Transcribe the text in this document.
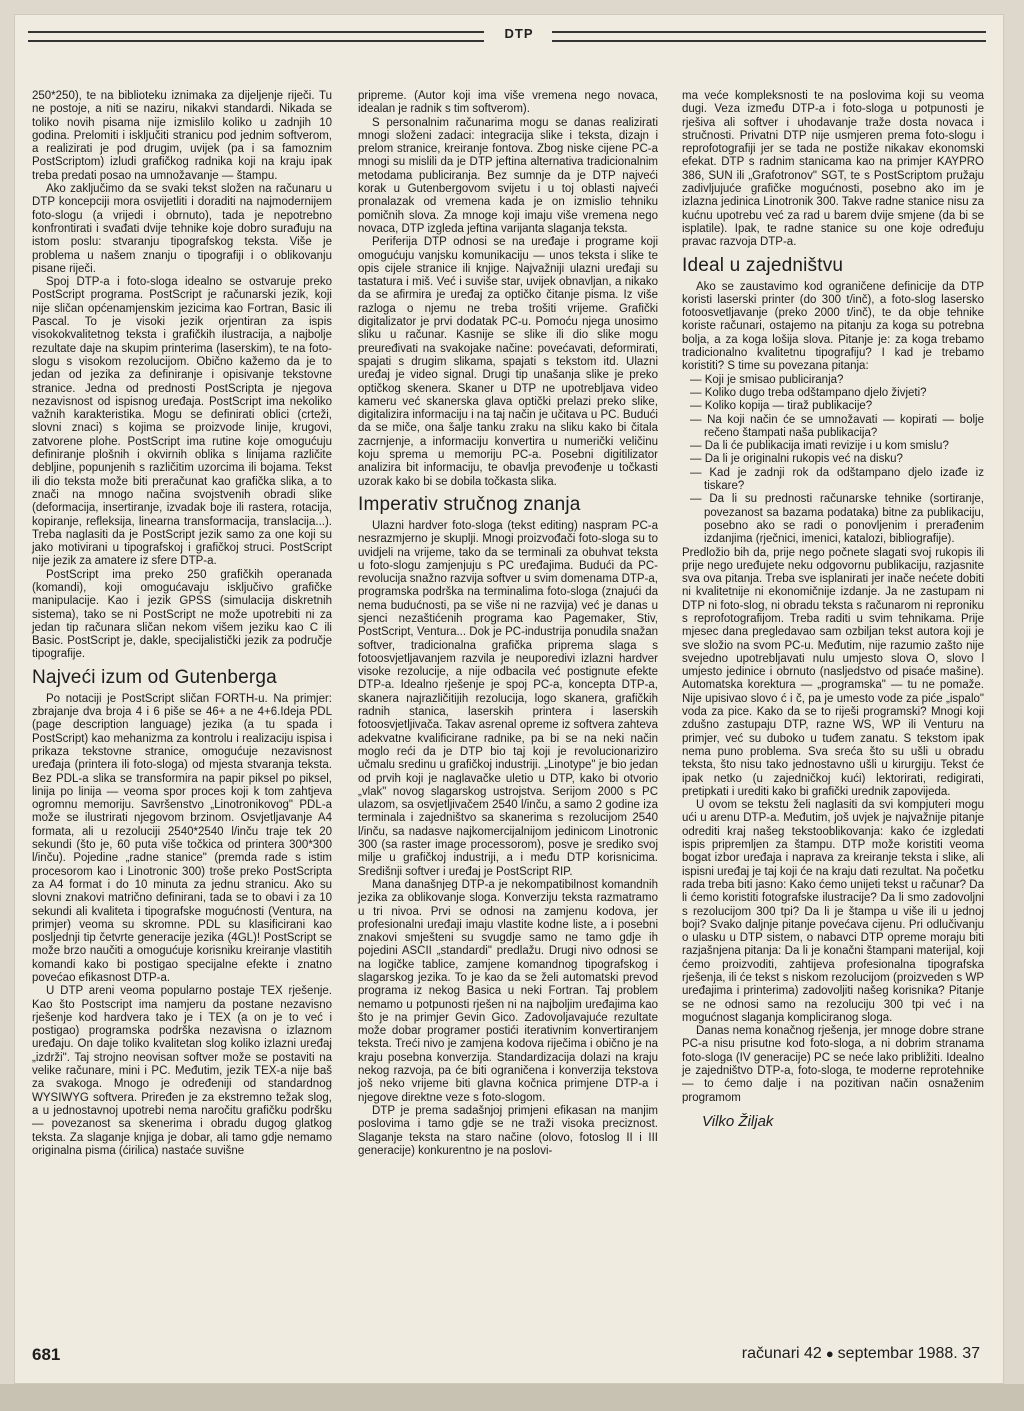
DTP

250*250), te na biblioteku iznimaka za dijeljenje riječi. Tu ne postoje, a niti se naziru, nikakvi standardi. Nikada se toliko novih pisama nije izmislilo koliko u zadnjih 10 godina. Prelomiti i isključiti stranicu pod jednim softverom, a realizirati je pod drugim, uvijek (pa i sa famoznim PostScriptom) izludi grafičkog radnika koji na kraju ipak treba predati posao na umnožavanje — štampu.

Ako zaključimo da se svaki tekst složen na računaru u DTP koncepciji mora osvijetliti i doraditi na najmodernijem foto-slogu (a vrijedi i obrnuto), tada je nepotrebno konfrontirati i svađati dvije tehnike koje dobro surađuju na istom poslu: stvaranju tipografskog teksta. Više je problema u našem znanju o tipografiji i o oblikovanju pisane riječi.

Spoj DTP-a i foto-sloga idealno se ostvaruje preko PostScript programa. PostScript je računarski jezik, koji nije sličan općenamjenskim jezicima kao Fortran, Basic ili Pascal. To je visoki jezik orjentiran za ispis visokokvalitetnog teksta i grafičkih ilustracija, a najbolje rezultate daje na skupim printerima (laserskim), te na foto-slogu s visokom rezolucijom. Obično kažemo da je to jedan od jezika za definiranje i opisivanje tekstovne stranice. Jedna od prednosti PostScripta je njegova nezavisnost od ispisnog uređaja. PostScript ima nekoliko važnih karakteristika. Mogu se definirati oblici (crteži, slovni znaci) s kojima se proizvode linije, krugovi, zatvorene plohe. PostScript ima rutine koje omogućuju definiranje plošnih i okvirnih oblika s linijama različite debljine, popunjenih s različitim uzorcima ili bojama. Tekst ili dio teksta može biti preračunat kao grafička slika, a to znači na mnogo načina svojstvenih obradi slike (deformacija, insertiranje, izvadak boje ili rastera, rotacija, kopiranje, refleksija, linearna transformacija, translacija...). Treba naglasiti da je PostScript jezik samo za one koji su jako motivirani u tipografskoj i grafičkoj struci. PostScript nije jezik za amatere iz sfere DTP-a.

PostScript ima preko 250 grafičkih operanada (komandi), koji omogućavaju isključivo grafičke manipulacije. Kao i jezik GPSS (simulacija diskretnih sistema), tako se ni PostScript ne može upotrebiti ni za jedan tip računara sličan nekom višem jeziku kao C ili Basic. PostScript je, dakle, specijalistički jezik za područje tipografije.

Najveći izum od Gutenberga

Po notaciji je PostScript sličan FORTH-u. Na primjer: zbrajanje dva broja 4 i 6 piše se 46+ a ne 4+6.Ideja PDL (page description language) jezika (a tu spada i PostScript) kao mehanizma za kontrolu i realizaciju ispisa i prikaza tekstovne stranice, omogućuje nezavisnost uređaja (printera ili foto-sloga) od mjesta stvaranja teksta. Bez PDL-a slika se transformira na papir piksel po piksel, linija po linija — veoma spor proces koji k tom zahtjeva ogromnu memoriju. Savršenstvo „Linotronikovog" PDL-a može se ilustrirati njegovom brzinom. Osvjetljavanje A4 formata, ali u rezoluciji 2540*2540 l/inču traje tek 20 sekundi (što je, 60 puta više točkica od printera 300*300 l/inču). Pojedine „radne stanice" (premda rade s istim procesorom kao i Linotronic 300) troše preko PostScripta za A4 format i do 10 minuta za jednu stranicu. Ako su slovni znakovi matrično definirani, tada se to obavi i za 10 sekundi ali kvaliteta i tipografske mogućnosti (Ventura, na primjer) veoma su skromne. PDL su klasificirani kao posljednji tip četvrte generacije jezika (4GL)! PostScript se može brzo naučiti a omogućuje korisniku kreiranje vlastitih komandi kako bi postigao specijalne efekte i znatno povećao efikasnost DTP-a.

U DTP areni veoma popularno postaje TEX rješenje. Kao što Postscript ima namjeru da postane nezavisno rješenje kod hardvera tako je i TEX (a on je to već i postigao) programska podrška nezavisna o izlaznom uređaju. On daje toliko kvalitetan slog koliko izlazni uređaj „izdrži". Taj strojno neovisan softver može se postaviti na velike računare, mini i PC. Međutim, jezik TEX-a nije baš za svakoga. Mnogo je određeniji od standardnog WYSIWYG softvera. Priređen je za ekstremno težak slog, a u jednostavnoj upotrebi nema naročitu grafičku podršku — povezanost sa skenerima i obradu dugog glatkog teksta. Za slaganje knjiga je dobar, ali tamo gdje nemamo originalna pisma (ćirilica) nastaće suvišne

pripreme. (Autor koji ima više vremena nego novaca, idealan je radnik s tim softverom).

S personalnim računarima mogu se danas realizirati mnogi složeni zadaci: integracija slike i teksta, dizajn i prelom stranice, kreiranje fontova. Zbog niske cijene PC-a mnogi su mislili da je DTP jeftina alternativa tradicionalnim metodama publiciranja. Bez sumnje da je DTP najveći korak u Gutenbergovom svijetu i u toj oblasti najveći pronalazak od vremena kada je on izmislio tehniku pomičnih slova. Za mnoge koji imaju više vremena nego novaca, DTP izgleda jeftina varijanta slaganja teksta.

Periferija DTP odnosi se na uređaje i programe koji omogućuju vanjsku komunikaciju — unos teksta i slike te opis cijele stranice ili knjige. Najvažniji ulazni uređaji su tastatura i miš. Već i suviše star, uvijek obnavljan, a nikako da se afirmira je uređaj za optičko čitanje pisma. Iz više razloga o njemu ne treba trošiti vrijeme. Grafički digitalizator je prvi dodatak PC-u. Pomoću njega unosimo sliku u računar. Kasnije se slike ili dio slike mogu preuređivati na svakojake načine: povećavati, deformirati, spajati s drugim slikama, spajati s tekstom itd. Ulazni uređaj je video signal. Drugi tip unašanja slike je preko optičkog skenera. Skaner u DTP ne upotrebljava video kameru već skanerska glava optički prelazi preko slike, digitalizira informaciju i na taj način je učitava u PC. Budući da se miče, ona šalje tanku zraku na sliku kako bi čitala zacrnjenje, a informaciju konvertira u numerički veličinu koju sprema u memoriju PC-a. Posebni digitilizator analizira bit informaciju, te obavlja prevođenje u točkasti uzorak kako bi se dobila točkasta slika.

Imperativ stručnog znanja

Ulazni hardver foto-sloga (tekst editing) naspram PC-a nesrazmjerno je skuplji. Mnogi proizvođači foto-sloga su to uvidjeli na vrijeme, tako da se terminali za obuhvat teksta u foto-slogu zamjenjuju s PC uređajima. Budući da PC-revolucija snažno razvija softver u svim domenama DTP-a, programska podrška na terminalima foto-sloga (znajući da nema budućnosti, pa se više ni ne razvija) već je danas u sjenci nezaštićenih programa kao Pagemaker, Stiv, PostScript, Ventura... Dok je PC-industrija ponudila snažan softver, tradicionalna grafička priprema slaga s fotoosvjetljavanjem razvila je neuporedivi izlazni hardver visoke rezolucije, a nije odbacila već postignute efekte DTP-a. Idealno rješenje je spoj PC-a, koncepta DTP-a, skanera najrazličitijih rezolucija, logo skanera, grafičkih radnih stanica, laserskih printera i laserskih fotoosvjetljivača. Takav asrenal opreme iz softvera zahteva adekvatne kvalificirane radnike, pa bi se na neki način moglo reći da je DTP bio taj koji je revolucionariziro učmalu sredinu u grafičkoj industriji. „Linotype" je bio jedan od prvih koji je naglavačke uletio u DTP, kako bi otvorio „vlak" novog slagarskog ustrojstva. Serijom 2000 s PC ulazom, sa osvjetljivačem 2540 l/inču, a samo 2 godine iza terminala i zajedništvo sa skanerima s rezolucijom 2540 l/inču, sa nadasve najkomercijalnijom jedinicom Linotronic 300 (sa raster image processorom), posve je srediko svoj milje u grafičkoj industriji, a i među DTP korisnicima. Središnji softver i uređaj je PostScript RIP.

Mana današnjeg DTP-a je nekompatibilnost komandnih jezika za oblikovanje sloga. Konverziju teksta razmatramo u tri nivoa. Prvi se odnosi na zamjenu kodova, jer profesionalni uređaji imaju vlastite kodne liste, a i posebni znakovi smješteni su svugdje samo ne tamo gdje ih pojedini ASCII „standardi" predlažu. Drugi nivo odnosi se na logičke tablice, zamjene komandnog tipografskog i slagarskog jezika. To je kao da se želi automatski prevod programa iz nekog Basica u neki Fortran. Taj problem nemamo u potpunosti rješen ni na najboljim uređajima kao što je na primjer Gevin Gico. Zadovoljavajuće rezultate može dobar programer postići iterativnim konvertiranjem teksta. Treći nivo je zamjena kodova riječima i obično je na kraju posebna konverzija. Standardizacija dolazi na kraju nekog razvoja, pa će biti ograničena i konverzija tekstova još neko vrijeme biti glavna kočnica primjene DTP-a i njegove direktne veze s foto-slogom.

DTP je prema sadašnjoj primjeni efikasan na manjim poslovima i tamo gdje se ne traži visoka preciznost. Slaganje teksta na staro načine (olovo, fotoslog II i III generacije) konkurentno je na poslovi-

ma veće kompleksnosti te na poslovima koji su veoma dugi. Veza između DTP-a i foto-sloga u potpunosti je rješiva ali softver i uhodavanje traže dosta novaca i stručnosti. Privatni DTP nije usmjeren prema foto-slogu i reprofotografiji jer se tada ne postiže nikakav ekonomski efekat. DTP s radnim stanicama kao na primjer KAYPRO 386, SUN ili „Grafotronov" SGT, te s PostScriptom pružaju zadivljujuće grafičke mogućnosti, posebno ako im je izlazna jedinica Linotronik 300. Takve radne stanice nisu za kućnu upotrebu već za rad u barem dvije smjene (da bi se isplatile). Ipak, te radne stanice su one koje određuju pravac razvoja DTP-a.

Ideal u zajedništvu

Ako se zaustavimo kod ograničene definicije da DTP koristi laserski printer (do 300 t/inč), a foto-slog lasersko fotoosvetljavanje (preko 2000 t/inč), te da obje tehnike koriste računari, ostajemo na pitanju za koga su potrebna bolja, a za koga lošija slova. Pitanje je: za koga trebamo tradicionalno kvalitetnu tipografiju? I kad je trebamo koristiti? S time su povezana pitanja:

— Koji je smisao publiciranja?
— Koliko dugo treba odštampano djelo živjeti?
— Koliko kopija — tiraž publikacije?
— Na koji način će se umnožavati — kopirati — bolje rečeno štampati naša publikacija?
— Da li će publikacija imati revizije i u kom smislu?
— Da li je originalni rukopis već na disku?
— Kad je zadnji rok da odštampano djelo izađe iz tiskare?
— Da li su prednosti računarske tehnike (sortiranje, povezanost sa bazama podataka) bitne za publikaciju, posebno ako se radi o ponovljenim i prerađenim izdanjima (rječnici, imenici, katalozi, bibliografije).

Predložio bih da, prije nego počnete slagati svoj rukopis ili prije nego uređujete neku odgovornu publikaciju, razjasnite sva ova pitanja. Treba sve isplanirati jer inače nećete dobiti ni kvalitetnije ni ekonomičnije izdanje. Ja ne zastupam ni DTP ni foto-slog, ni obradu teksta s računarom ni reproniku s reprofotografijom. Treba raditi u svim tehnikama. Prije mjesec dana pregledavao sam ozbiljan tekst autora koji je sve složio na svom PC-u. Međutim, nije razumio zašto nije svejedno upotrebljavati nulu umjesto slova O, slovo l umjesto jedinice i obrnuto (nasljedstvo od pisaće mašine). Automatska korektura — „programska" — tu ne pomaže. Nije upisivao slovo ć i č, pa je umesto vode za piće „ispalo" voda za pice. Kako da se to riješi programski? Mnogi koji zdušno zastupaju DTP, razne WS, WP ili Venturu na primjer, već su duboko u tuđem zanatu. S tekstom ipak nema puno problema. Sva sreća što su ušli u obradu teksta, što nisu tako jednostavno ušli u kirurgiju. Tekst će ipak netko (u zajedničkoj kući) lektorirati, redigirati, pretipkati i urediti kako bi grafički urednik zapovijeda.

U ovom se tekstu želi naglasiti da svi kompjuteri mogu ući u arenu DTP-a. Međutim, još uvjek je najvažnije pitanje odrediti kraj našeg tekstooblikovanja: kako će izgledati ispis pripremljen za štampu. DTP može koristiti veoma bogat izbor uređaja i naprava za kreiranje teksta i slike, ali ispisni uređaj je taj koji će na kraju dati rezultat. Na početku rada treba biti jasno: Kako ćemo unijeti tekst u računar? Da li ćemo koristiti fotografske ilustracije? Da li smo zadovoljni s rezolucijom 300 tpi? Da li je štampa u više ili u jednoj boji? Svako daljnje pitanje povećava cijenu. Pri odlučivanju o ulasku u DTP sistem, o nabavci DTP opreme moraju biti razjašnjena pitanja: Da li je konačni štampani materijal, koji ćemo proizvoditi, zahtijeva profesionalna tipografska rješenja, ili će tekst s niskom rezolucijom (proizveden s WP uređajima i printerima) zadovoljiti našeg korisnika? Pitanje se ne odnosi samo na rezoluciju 300 tpi već i na mogućnost slaganja kompliciranog sloga.

Danas nema konačnog rješenja, jer mnoge dobre strane PC-a nisu prisutne kod foto-sloga, a ni dobrim stranama foto-sloga (IV generacije) PC se neće lako približiti. Idealno je zajedništvo DTP-a, foto-sloga, te moderne reprotehnike — to ćemo dalje i na pozitivan način osnaženim programom

Vilko Žiljak
681	računari 42 ● septembar 1988. 37
